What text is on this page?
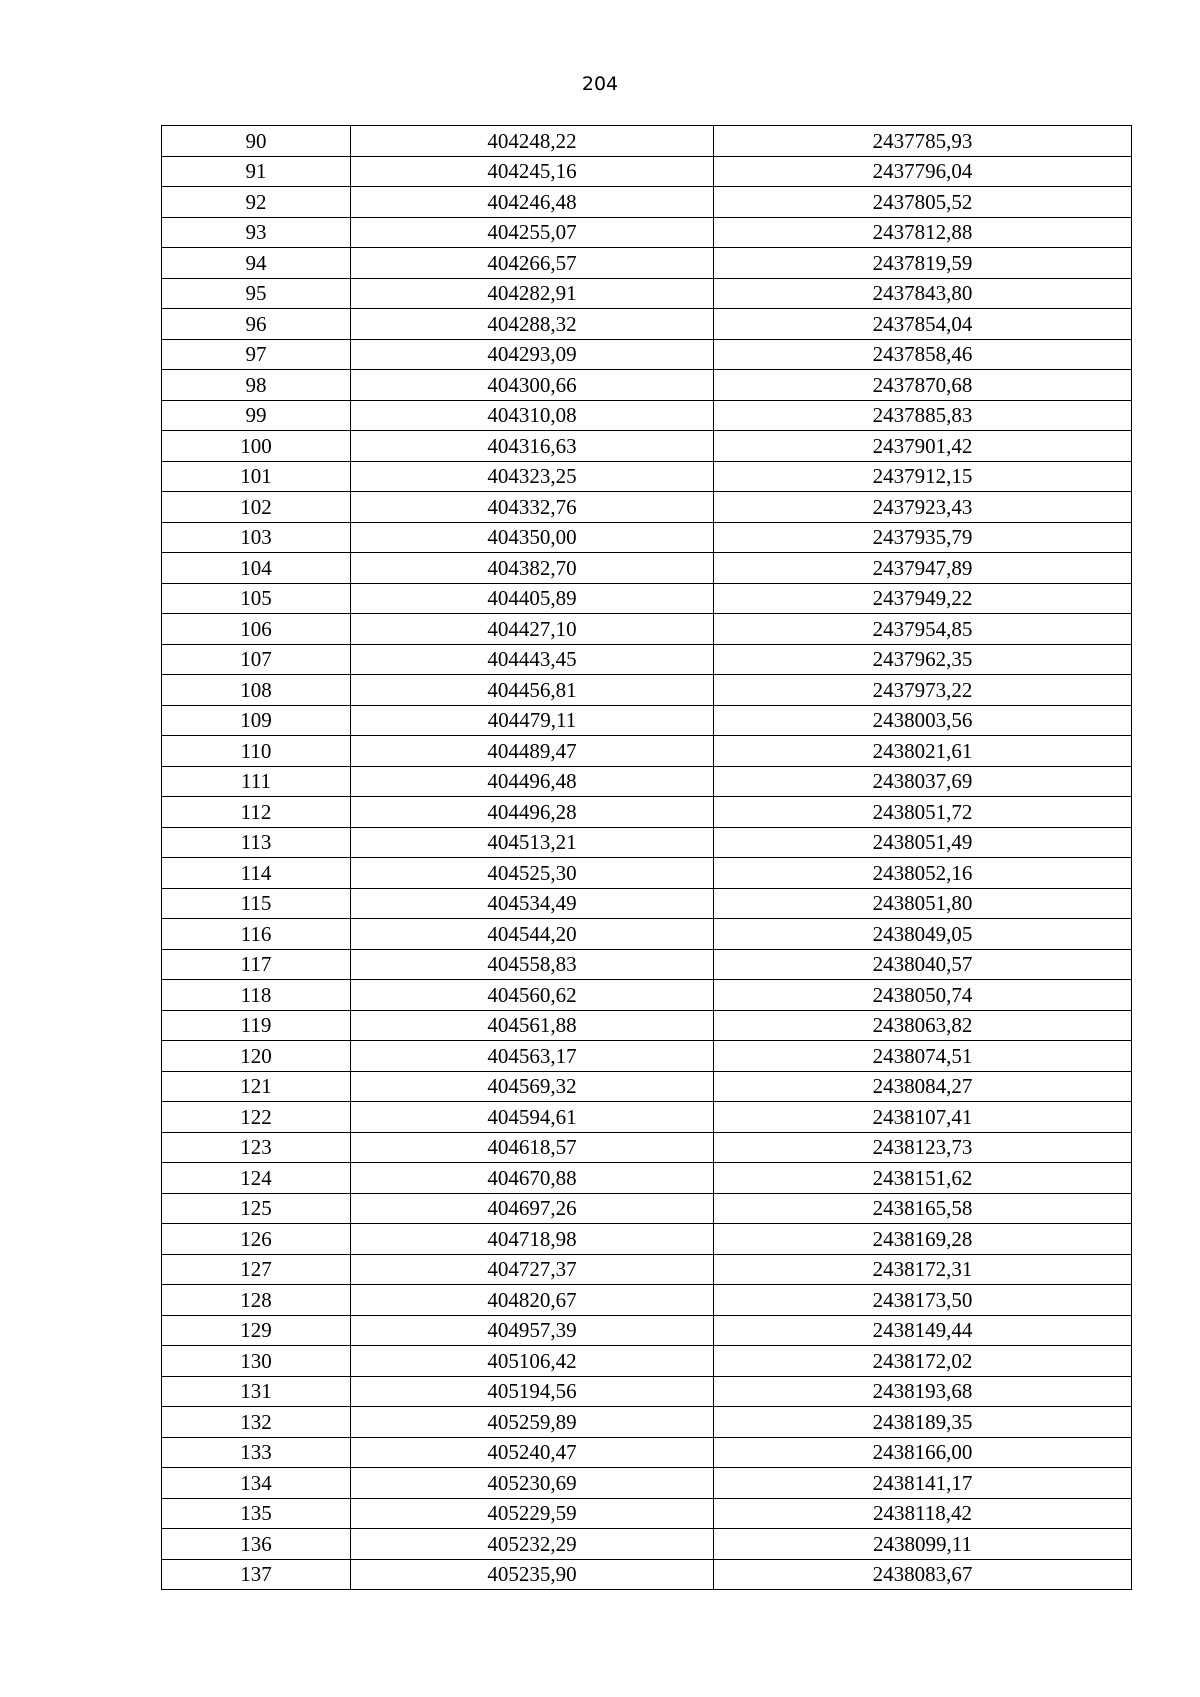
204
90	404248,22	2437785,93
91	404245,16	2437796,04
92	404246,48	2437805,52
93	404255,07	2437812,88
94	404266,57	2437819,59
95	404282,91	2437843,80
96	404288,32	2437854,04
97	404293,09	2437858,46
98	404300,66	2437870,68
99	404310,08	2437885,83
100	404316,63	2437901,42
101	404323,25	2437912,15
102	404332,76	2437923,43
103	404350,00	2437935,79
104	404382,70	2437947,89
105	404405,89	2437949,22
106	404427,10	2437954,85
107	404443,45	2437962,35
108	404456,81	2437973,22
109	404479,11	2438003,56
110	404489,47	2438021,61
111	404496,48	2438037,69
112	404496,28	2438051,72
113	404513,21	2438051,49
114	404525,30	2438052,16
115	404534,49	2438051,80
116	404544,20	2438049,05
117	404558,83	2438040,57
118	404560,62	2438050,74
119	404561,88	2438063,82
120	404563,17	2438074,51
121	404569,32	2438084,27
122	404594,61	2438107,41
123	404618,57	2438123,73
124	404670,88	2438151,62
125	404697,26	2438165,58
126	404718,98	2438169,28
127	404727,37	2438172,31
128	404820,67	2438173,50
129	404957,39	2438149,44
130	405106,42	2438172,02
131	405194,56	2438193,68
132	405259,89	2438189,35
133	405240,47	2438166,00
134	405230,69	2438141,17
135	405229,59	2438118,42
136	405232,29	2438099,11
137	405235,90	2438083,67
